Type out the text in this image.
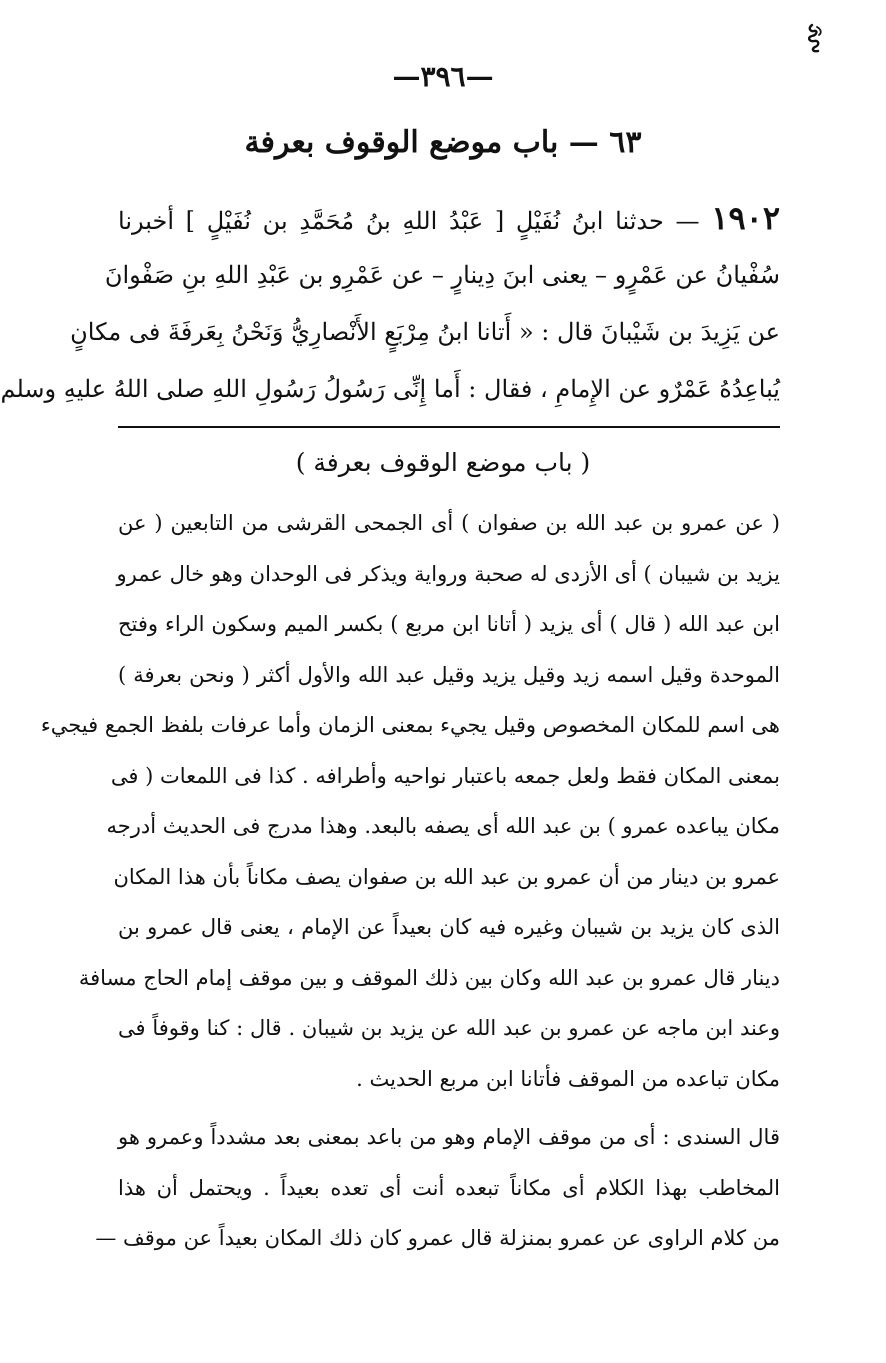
—٣٩٦—
٦٣ — باب موضع الوقوف بعرفة
١٩٠٢ — حدثنا ابنُ نُفَيْلٍ [ عَبْدُ اللهِ بنُ مُحَمَّدِ بن نُفَيْلٍ ] أخبرنا
سُفْيانُ عن عَمْرٍو – يعنى ابنَ دِينارٍ – عن عَمْرِو بن عَبْدِ اللهِ بنِ صَفْوانَ
عن يَزِيدَ بن شَيْبانَ قال : « أَتانا ابنُ مِرْبَعٍ الأَنْصارِيُّ وَنَحْنُ بِعَرفَةَ فى مكانٍ
يُباعِدُهُ عَمْرٌو عن الإِمامِ ، فقال : أَما إِنِّى رَسُولُ رَسُولِ اللهِ صلى اللهُ عليهِ وسلم
( باب موضع الوقوف بعرفة )
( عن عمرو بن عبد الله بن صفوان ) أى الجمحى القرشى من التابعين ( عن
يزيد بن شيبان ) أى الأزدى له صحبة ورواية ويذكر فى الوحدان وهو خال عمرو
ابن عبد الله ( قال ) أى يزيد ( أتانا ابن مربع ) بكسر الميم وسكون الراء وفتح
الموحدة وقيل اسمه زيد وقيل يزيد وقيل عبد الله والأول أكثر ( ونحن بعرفة )
هى اسم للمكان المخصوص وقيل يجيء بمعنى الزمان وأما عرفات بلفظ الجمع فيجيء
بمعنى المكان فقط ولعل جمعه باعتبار نواحيه وأطرافه . كذا فى اللمعات ( فى
مكان يباعده عمرو ) بن عبد الله أى يصفه بالبعد. وهذا مدرج فى الحديث أدرجه
عمرو بن دينار من أن عمرو بن عبد الله بن صفوان يصف مكاناً بأن هذا المكان
الذى كان يزيد بن شيبان وغيره فيه كان بعيداً عن الإمام ، يعنى قال عمرو بن
دينار قال عمرو بن عبد الله وكان بين ذلك الموقف و بين موقف إمام الحاج مسافة
وعند ابن ماجه عن عمرو بن عبد الله عن يزيد بن شيبان . قال : كنا وقوفاً فى
مكان تباعده من الموقف فأتانا ابن مربع الحديث .
قال السندى : أى من موقف الإمام وهو من باعد بمعنى بعد مشدداً وعمرو هو
المخاطب بهذا الكلام أى مكاناً تبعده أنت أى تعده بعيداً . ويحتمل أن هذا
من كلام الراوى عن عمرو بمنزلة قال عمرو كان ذلك المكان بعيداً عن موقف —
